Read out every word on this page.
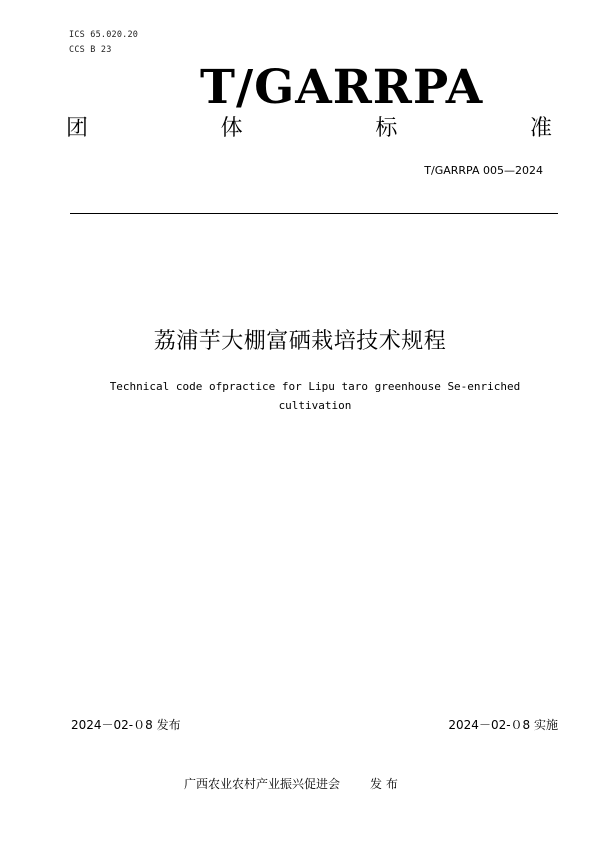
ICS 65.020.20
CCS B 23
T/GARRPA
团	体	标	准
T/GARRPA 005—2024
荔浦芋大棚富硒栽培技术规程
Technical code ofpractice for Lipu taro greenhouse Se-enriched cultivation
2024－02-０8 发布	2024－02-０8 实施
广西农业农村产业振兴促进会	发 布
